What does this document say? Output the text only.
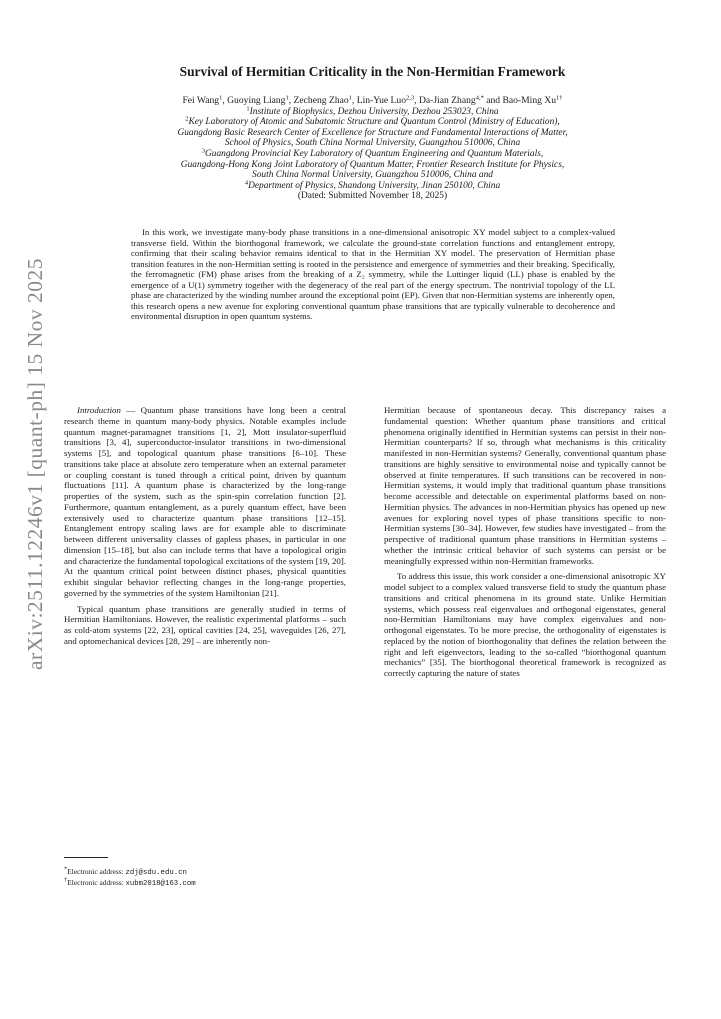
arXiv:2511.12246v1 [quant-ph] 15 Nov 2025
Survival of Hermitian Criticality in the Non-Hermitian Framework
Fei Wang$^1$, Guoying Liang$^1$, Zecheng Zhao$^1$, Lin-Yue Luo$^{2,3}$, Da-Jian Zhang$^{4,*}$ and Bao-Ming $Xu^{1\dagger}$
$^1$Institute of Biophysics, Dezhou University, Dezhou 253023, China
$^2$Key Laboratory of Atomic and Subatomic Structure and Quantum Control (Ministry of Education),
Guangdong Basic Research Center of Excellence for Structure and Fundamental Interactions of Matter,
School of Physics, South China Normal University, Guangzhou 510006, China
$^3$Guangdong Provincial Key Laboratory of Quantum Engineering and Quantum Materials,
Guangdong-Hong Kong Joint Laboratory of Quantum Matter, Frontier Research Institute for Physics,
South China Normal University, Guangzhou 510006, China and
$^4$Department of Physics, Shandong University, Jinan 250100, China
(Dated: Submitted November 18, 2025)

In this work, we investigate many-body phase transitions in a one-dimensional anisotropic XY model subject to a complex-valued transverse field. Within the biorthogonal framework, we calculate the ground-state correlation functions and entanglement entropy, confirming that their scaling behavior remains identical to that in the Hermitian XY model. The preservation of Hermitian phase transition features in the non-Hermitian setting is rooted in the persistence and emergence of symmetries and their breaking. Specifically, the ferromagnetic (FM) phase arises from the breaking of a Z₂ symmetry, while the Luttinger liquid (LL) phase is enabled by the emergence of a U(1) symmetry together with the degeneracy of the real part of the energy spectrum. The nontrivial topology of the LL phase are characterized by the winding number around the exceptional point (EP). Given that non-Hermitian systems are inherently open, this research opens a new avenue for exploring conventional quantum phase transitions that are typically vulnerable to decoherence and environmental disruption in open quantum systems.

Introduction — Quantum phase transitions have long been a central research theme in quantum many-body physics. Notable examples include quantum magnet-paramagnet transitions [1, 2], Mott insulator-superfluid transitions [3, 4], superconductor-insulator transitions in two-dimensional systems [5], and topological quantum phase transitions [6–10]. These transitions take place at absolute zero temperature when an external parameter or coupling constant is tuned through a critical point, driven by quantum fluctuations [11]. A quantum phase is characterized by the long-range properties of the system, such as the spin-spin correlation function [2]. Furthermore, quantum entanglement, as a purely quantum effect, have been extensively used to characterize quantum phase transitions [12–15]. Entanglement entropy scaling laws are for example able to discriminate between different universality classes of gapless phases, in particular in one dimension [15–18], but also can include terms that have a topological origin and characterize the fundamental topological excitations of the system [19, 20]. At the quantum critical point between distinct phases, physical quantities exhibit singular behavior reflecting changes in the long-range properties, governed by the symmetries of the system Hamiltonian [21].

Typical quantum phase transitions are generally studied in terms of Hermitian Hamiltonians. However, the realistic experimental platforms – such as cold-atom systems [22, 23], optical cavities [24, 25], waveguides [26, 27], and optomechanical devices [28, 29] – are inherently non-

Hermitian because of spontaneous decay. This discrepancy raises a fundamental question: Whether quantum phase transitions and critical phenomena originally identified in Hermitian systems can persist in their non-Hermitian counterparts? If so, through what mechanisms is this criticality manifested in non-Hermitian systems? Generally, conventional quantum phase transitions are highly sensitive to environmental noise and typically cannot be observed at finite temperatures. If such transitions can be recovered in non-Hermitian systems, it would imply that traditional quantum phase transitions become accessible and detectable on experimental platforms based on non-Hermitian physics. The advances in non-Hermitian physics has opened up new avenues for exploring novel types of phase transitions specific to non-Hermitian systems [30–34]. However, few studies have investigated – from the perspective of traditional quantum phase transitions in Hermitian systems – whether the intrinsic critical behavior of such systems can persist or be meaningfully expressed within non-Hermitian frameworks.

To address this issue, this work consider a one-dimensional anisotropic XY model subject to a complex valued transverse field to study the quantum phase transitions and critical phenomena in its ground state. Unlike Hermitian systems, which possess real eigenvalues and orthogonal eigenstates, general non-Hermitian Hamiltonians may have complex eigenvalues and non-orthogonal eigenstates. To be more precise, the orthogonality of eigenstates is replaced by the notion of biorthogonality that defines the relation between the right and left eigenvectors, leading to the so-called “biorthogonal quantum mechanics” [35]. The biorthogonal theoretical framework is recognized as correctly capturing the nature of states

*Electronic address: zdj@sdu.edu.cn
†Electronic address: xubm2018@163.com
